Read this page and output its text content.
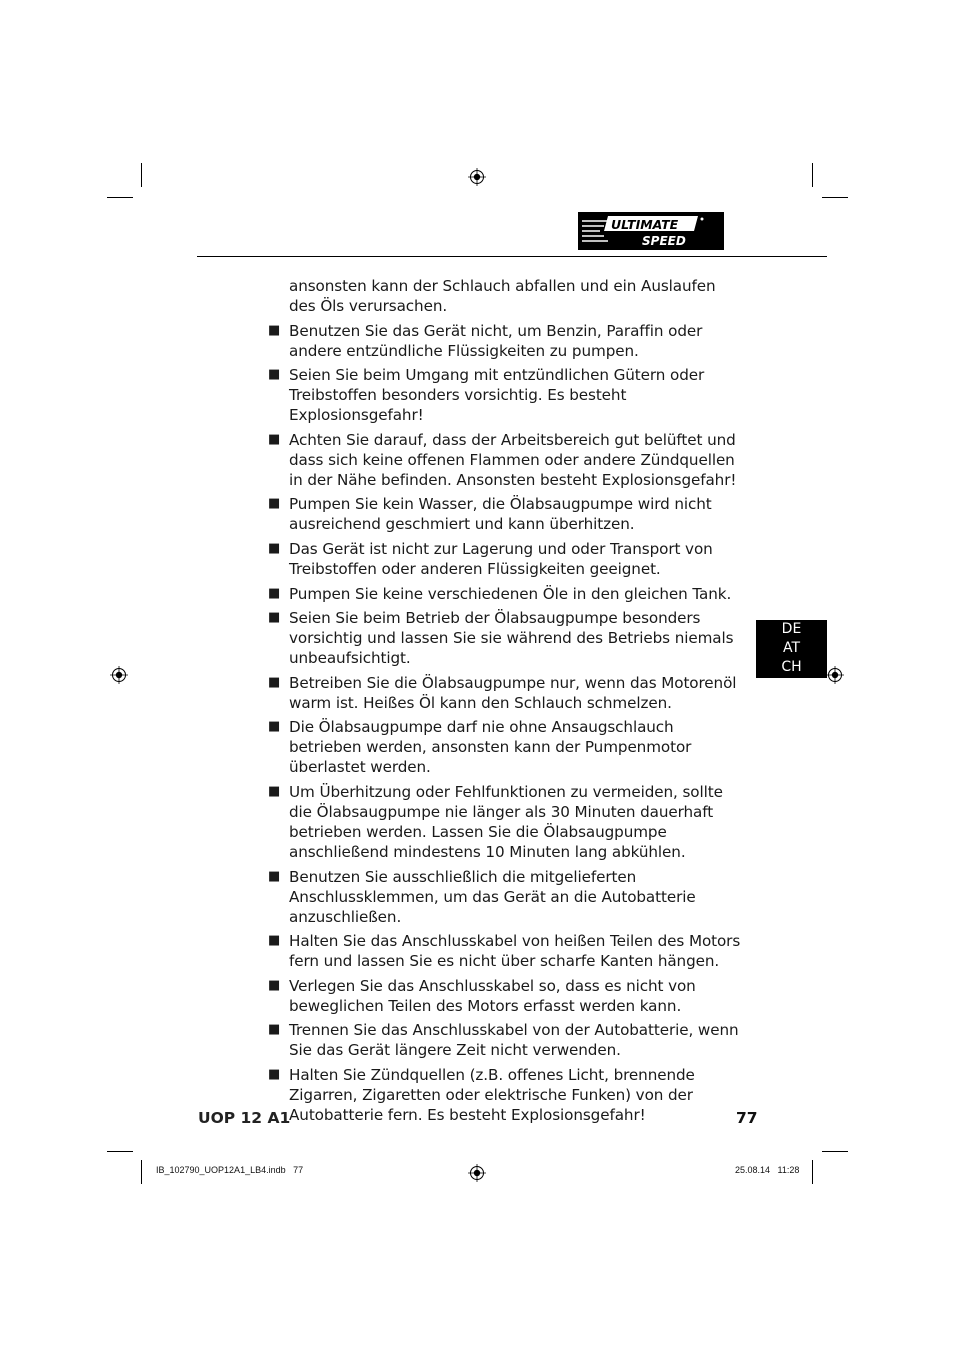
ULTIMATE
SPEED

ansonsten kann der Schlauch abfallen und ein Auslaufen des Öls verursachen.

■ Benutzen Sie das Gerät nicht, um Benzin, Paraffin oder andere entzündliche Flüssigkeiten zu pumpen.

■ Seien Sie beim Umgang mit entzündlichen Gütern oder Treibstoffen besonders vorsichtig. Es besteht Explosionsgefahr!

■ Achten Sie darauf, dass der Arbeitsbereich gut belüftet und dass sich keine offenen Flammen oder andere Zündquellen in der Nähe befinden. Ansonsten besteht Explosionsgefahr!

■ Pumpen Sie kein Wasser, die Ölabsaugpumpe wird nicht ausreichend geschmiert und kann überhitzen.

■ Das Gerät ist nicht zur Lagerung und oder Transport von Treibstoffen oder anderen Flüssigkeiten geeignet.

■ Pumpen Sie keine verschiedenen Öle in den gleichen Tank.

■ Seien Sie beim Betrieb der Ölabsaugpumpe besonders vorsichtig und lassen Sie sie während des Betriebs niemals unbeaufsichtigt.

■ Betreiben Sie die Ölabsaugpumpe nur, wenn das Motorenöl warm ist. Heißes Öl kann den Schlauch schmelzen.

■ Die Ölabsaugpumpe darf nie ohne Ansaugschlauch betrieben werden, ansonsten kann der Pumpenmotor überlastet werden.

■ Um Überhitzung oder Fehlfunktionen zu vermeiden, sollte die Ölabsaugpumpe nie länger als 30 Minuten dauerhaft betrieben werden. Lassen Sie die Ölabsaugpumpe anschließend mindestens 10 Minuten lang abkühlen.

■ Benutzen Sie ausschließlich die mitgelieferten Anschlussklemmen, um das Gerät an die Autobatterie anzuschließen.

■ Halten Sie das Anschlusskabel von heißen Teilen des Motors fern und lassen Sie es nicht über scharfe Kanten hängen.

■ Verlegen Sie das Anschlusskabel so, dass es nicht von beweglichen Teilen des Motors erfasst werden kann.

■ Trennen Sie das Anschlusskabel von der Autobatterie, wenn Sie das Gerät längere Zeit nicht verwenden.

■ Halten Sie Zündquellen (z.B. offenes Licht, brennende Zigarren, Zigaretten oder elektrische Funken) von der Autobatterie fern. Es besteht Explosionsgefahr!

DE
AT
CH
UOP 12 A1	77
IB_102790_UOP12A1_LB4.indb   77	25.08.14   11:28
